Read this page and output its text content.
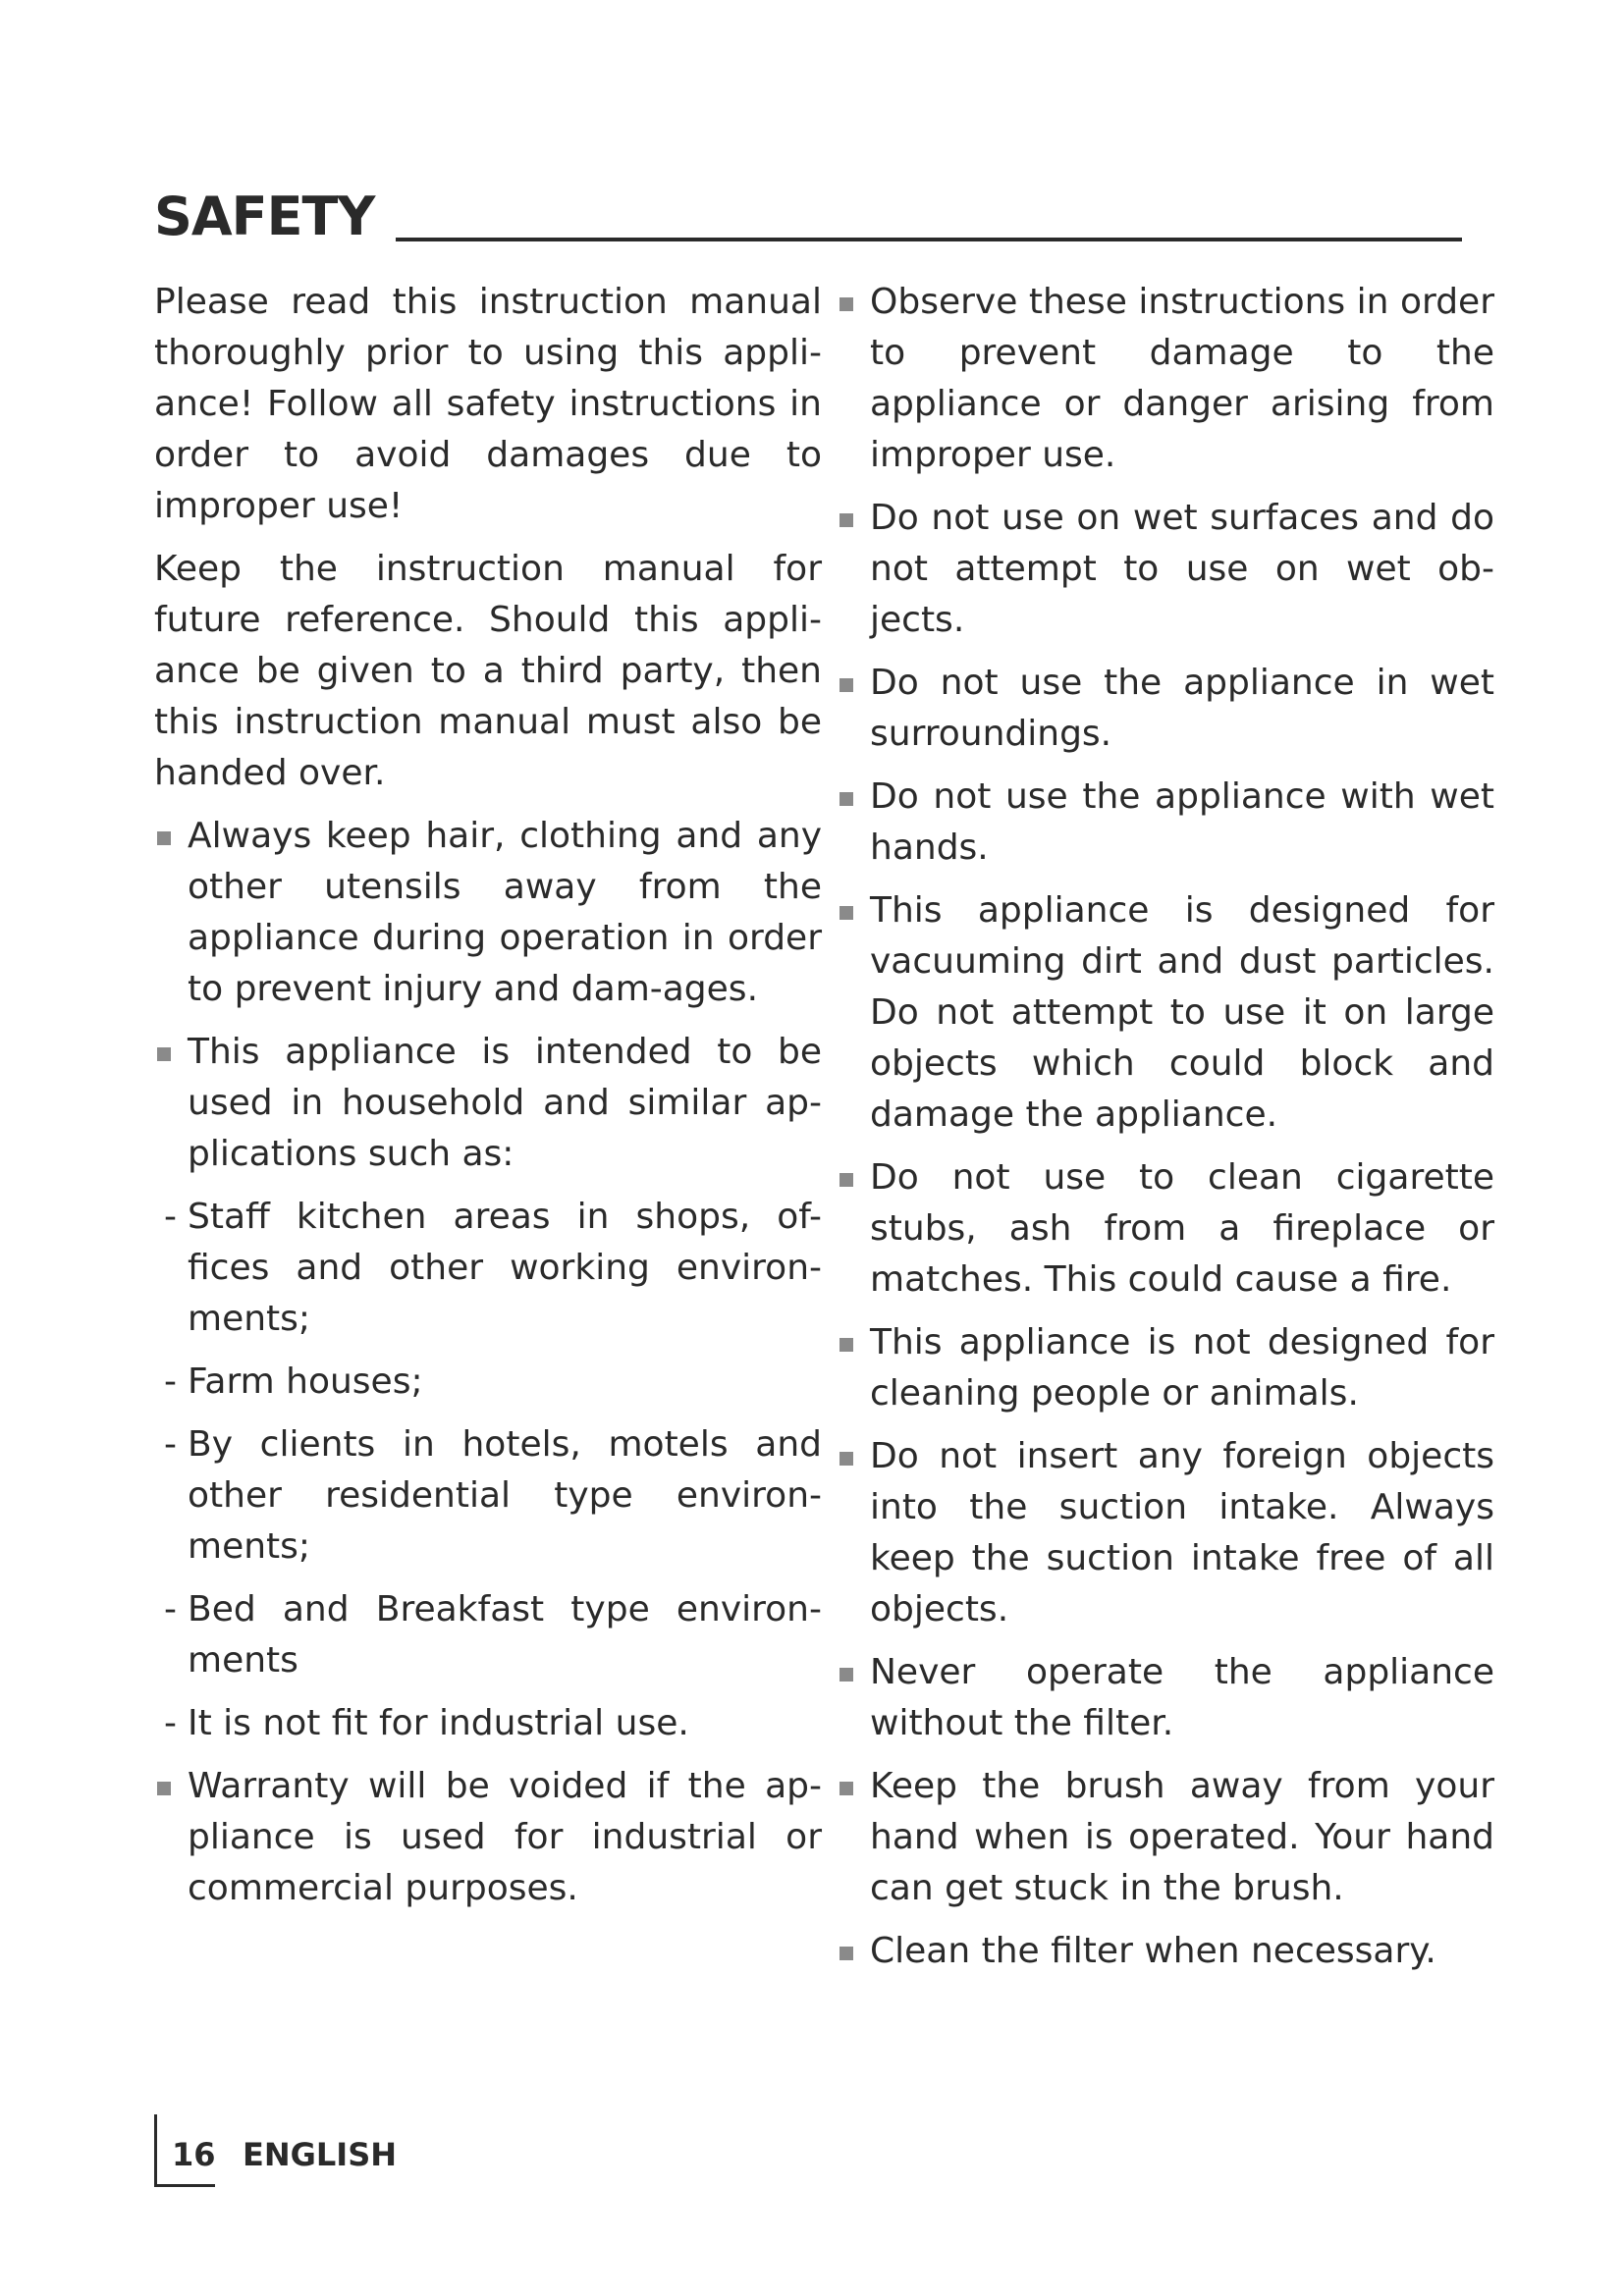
SAFETY

Please read this instruction manual thoroughly prior to using this appli-ance! Follow all safety instructions in order to avoid damages due to improper use!

Keep the instruction manual for future reference. Should this appli-ance be given to a third party, then this instruction manual must also be handed over.

Always keep hair, clothing and any other utensils away from the appliance during operation in order to prevent injury and dam-ages.
This appliance is intended to be used in household and similar ap-plications such as:
- Staff kitchen areas in shops, of-fices and other working environ-ments;
- Farm houses;
- By clients in hotels, motels and other residential type environ-ments;
- Bed and Breakfast type environ-ments
- It is not fit for industrial use.
Warranty will be voided if the ap-pliance is used for industrial or commercial purposes.
Observe these instructions in order to prevent damage to the appliance or danger arising from improper use.
Do not use on wet surfaces and do not attempt to use on wet ob-jects.
Do not use the appliance in wet surroundings.
Do not use the appliance with wet hands.
This appliance is designed for vacuuming dirt and dust particles. Do not attempt to use it on large objects which could block and damage the appliance.
Do not use to clean cigarette stubs, ash from a fireplace or matches. This could cause a fire.
This appliance is not designed for cleaning people or animals.
Do not insert any foreign objects into the suction intake. Always keep the suction intake free of all objects.
Never operate the appliance without the filter.
Keep the brush away from your hand when is operated. Your hand can get stuck in the brush.
Clean the filter when necessary.
16 ENGLISH
